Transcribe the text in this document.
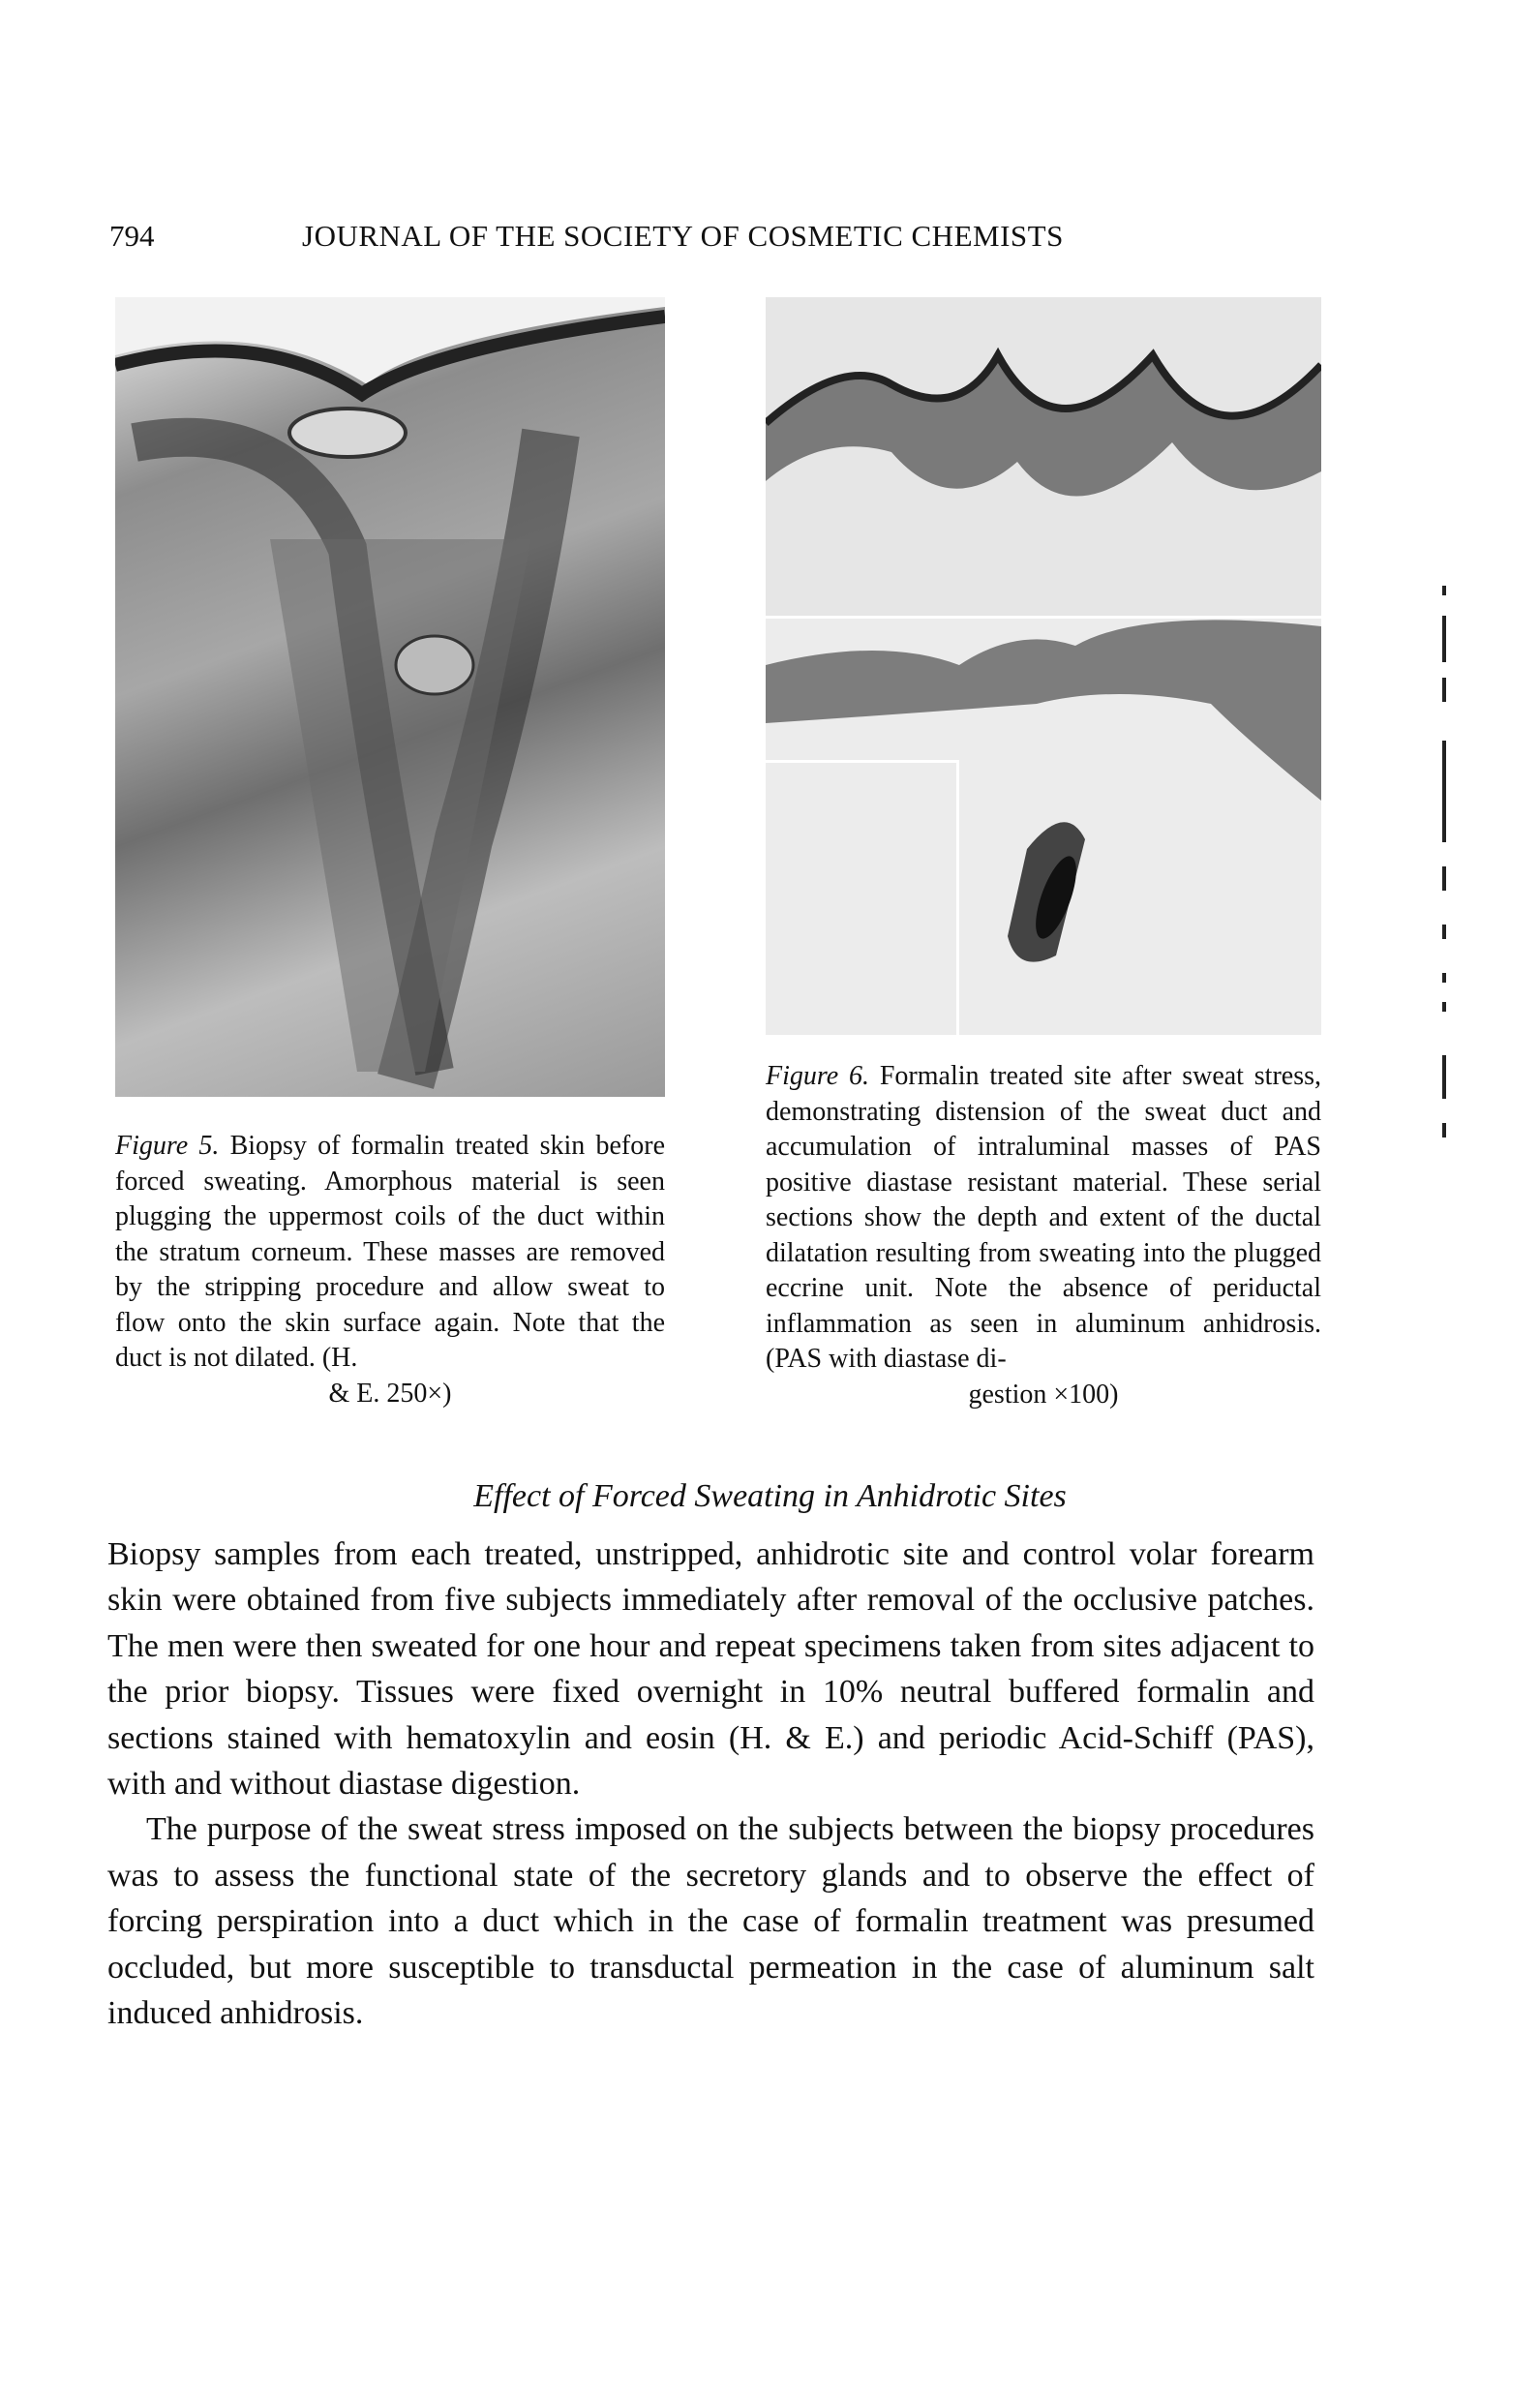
794	JOURNAL OF THE SOCIETY OF COSMETIC CHEMISTS
Figure 5. Biopsy of formalin treated skin before forced sweating. Amorphous material is seen plugging the uppermost coils of the duct within the stratum corneum. These masses are removed by the stripping procedure and allow sweat to flow onto the skin surface again. Note that the duct is not dilated. (H.
& E. 250×)
Figure 6. Formalin treated site after sweat stress, demonstrating distension of the sweat duct and accumulation of intraluminal masses of PAS positive diastase resistant material. These serial sections show the depth and extent of the ductal dilatation resulting from sweating into the plugged eccrine unit. Note the absence of periductal inflammation as seen in aluminum anhidrosis. (PAS with diastase di-
gestion ×100)
Effect of Forced Sweating in Anhidrotic Sites

Biopsy samples from each treated, unstripped, anhidrotic site and control volar forearm skin were obtained from five subjects immediately after removal of the occlusive patches. The men were then sweated for one hour and repeat specimens taken from sites adjacent to the prior biopsy. Tissues were fixed overnight in 10% neutral buffered formalin and sections stained with hematoxylin and eosin (H. & E.) and periodic Acid-Schiff (PAS), with and without diastase digestion.

The purpose of the sweat stress imposed on the subjects between the biopsy procedures was to assess the functional state of the secretory glands and to observe the effect of forcing perspiration into a duct which in the case of formalin treatment was presumed occluded, but more susceptible to transductal permeation in the case of aluminum salt induced anhidrosis.
